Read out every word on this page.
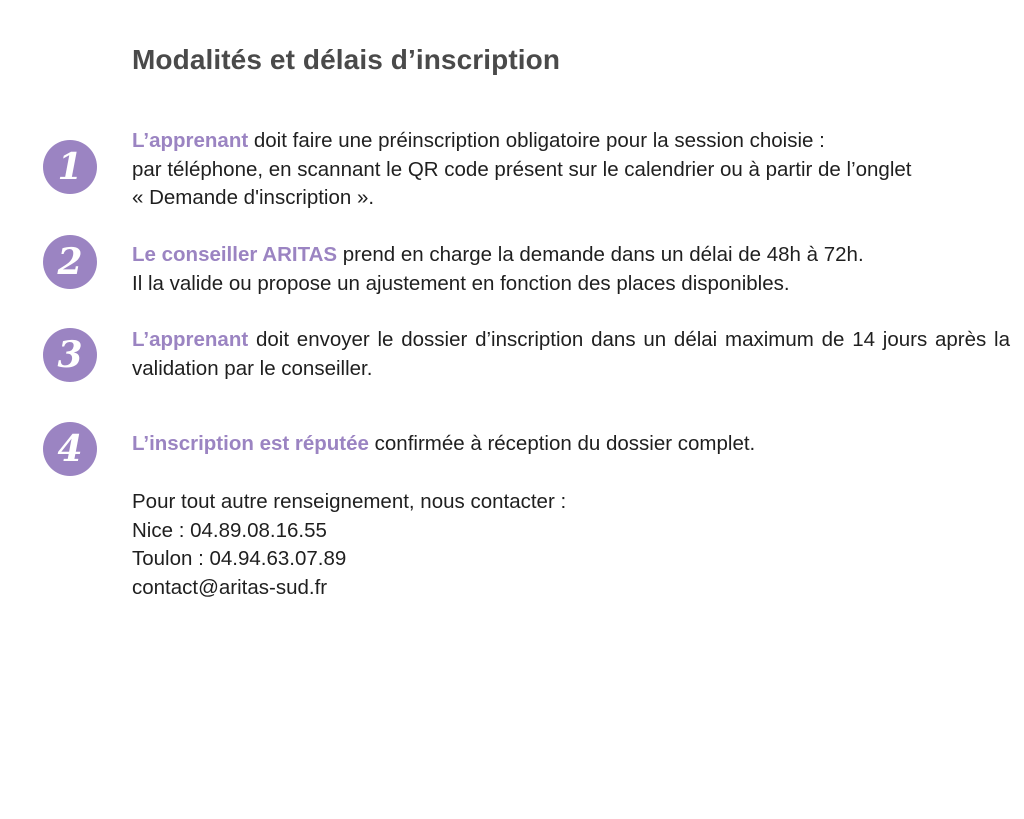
Modalités et délais d’inscription
1
L’apprenant doit faire une préinscription obligatoire pour la session choisie :
par téléphone, en scannant le QR code présent sur le calendrier ou à partir de l’onglet
« Demande d'inscription ».
2	Le conseiller ARITAS prend en charge la demande dans un délai de 48h à 72h.
Il la valide ou propose un ajustement en fonction des places disponibles.
3	L’apprenant doit envoyer le dossier d’inscription dans un délai maximum de 14 jours après la validation par le conseiller.
4	L’inscription est réputée confirmée à réception du dossier complet.
Pour tout autre renseignement, nous contacter :
Nice : 04.89.08.16.55
Toulon : 04.94.63.07.89
contact@aritas-sud.fr
